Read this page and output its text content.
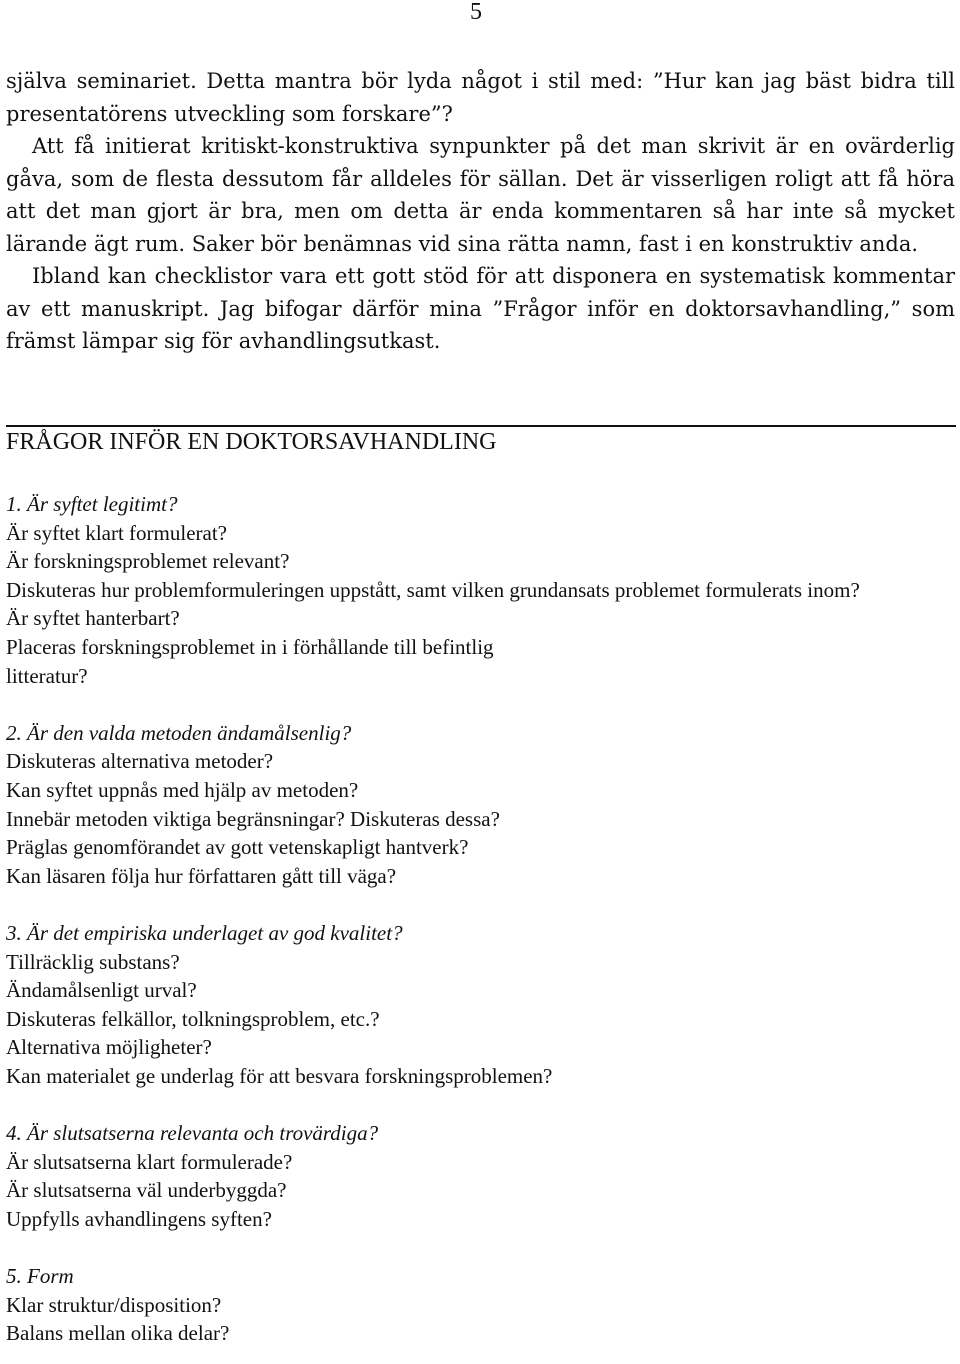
5

själva seminariet. Detta mantra bör lyda något i stil med: ”Hur kan jag bäst bidra till presentatörens utveckling som forskare”?

Att få initierat kritiskt-konstruktiva synpunkter på det man skrivit är en ovärderlig gåva, som de flesta dessutom får alldeles för sällan. Det är visserligen roligt att få höra att det man gjort är bra, men om detta är enda kommentaren så har inte så mycket lärande ägt rum. Saker bör benämnas vid sina rätta namn, fast i en konstruktiv anda.

Ibland kan checklistor vara ett gott stöd för att disponera en systematisk kommentar av ett manuskript. Jag bifogar därför mina ”Frågor inför en doktorsavhandling,” som främst lämpar sig för avhandlingsutkast.

FRÅGOR INFÖR EN DOKTORSAVHANDLING

1. Är syftet legitimt?

Är syftet klart formulerat?

Är forskningsproblemet relevant?

Diskuteras hur problemformuleringen uppstått, samt vilken grundansats problemet formulerats inom?

Är syftet hanterbart?

Placeras forskningsproblemet in i förhållande till befintlig litteratur?

2. Är den valda metoden ändamålsenlig?

Diskuteras alternativa metoder?

Kan syftet uppnås med hjälp av metoden?

Innebär metoden viktiga begränsningar? Diskuteras dessa?

Präglas genomförandet av gott vetenskapligt hantverk?

Kan läsaren följa hur författaren gått till väga?

3. Är det empiriska underlaget av god kvalitet?

Tillräcklig substans?

Ändamålsenligt urval?

Diskuteras felkällor, tolkningsproblem, etc.?

Alternativa möjligheter?

Kan materialet ge underlag för att besvara forskningsproblemen?

4. Är slutsatserna relevanta och trovärdiga?

Är slutsatserna klart formulerade?

Är slutsatserna väl underbyggda?

Uppfylls avhandlingens syften?

5. Form

Klar struktur/disposition?

Balans mellan olika delar?
